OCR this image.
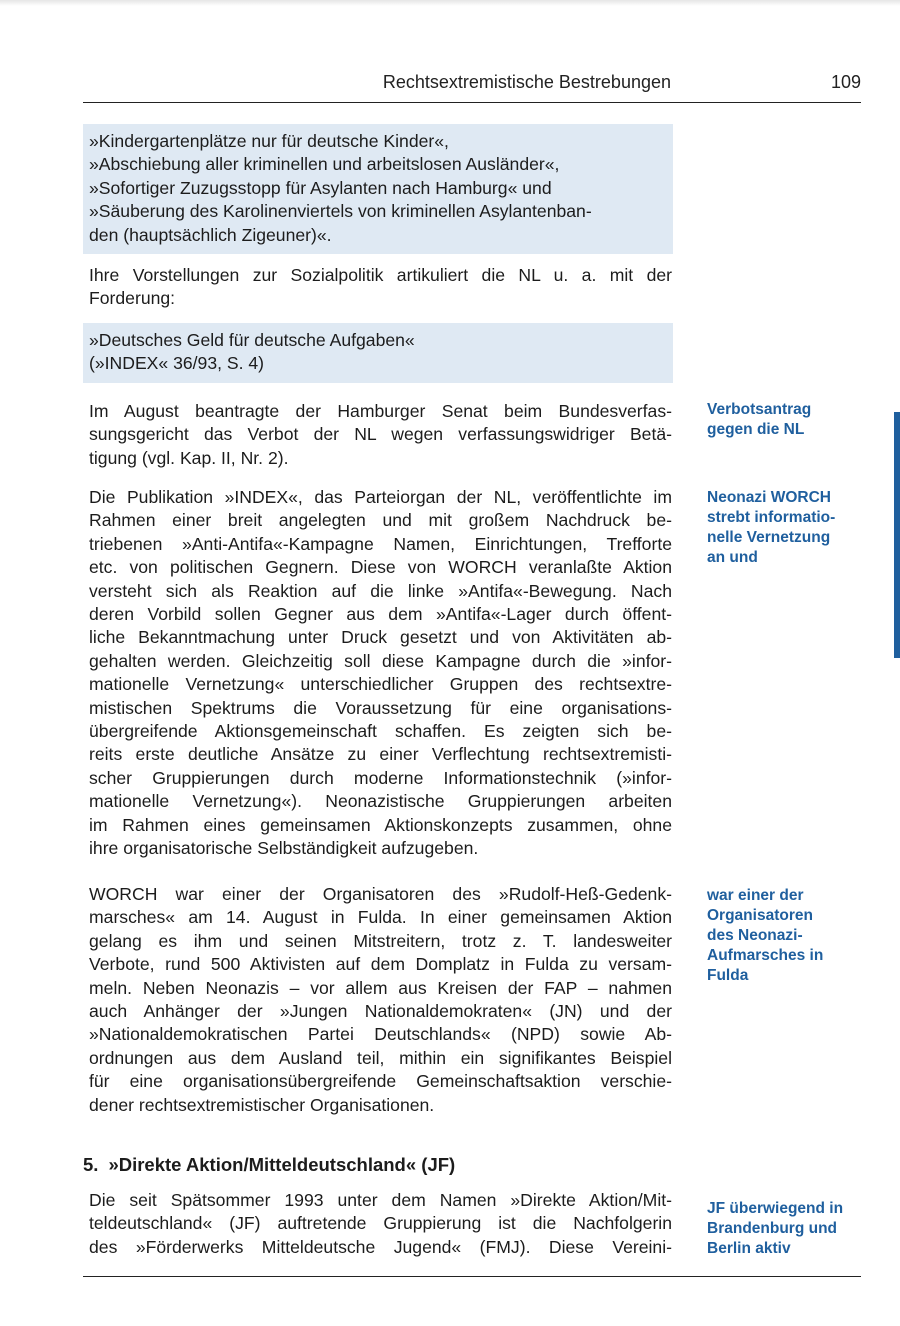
Rechtsextremistische Bestrebungen	109
»Kindergartenplätze nur für deutsche Kinder«,
»Abschiebung aller kriminellen und arbeitslosen Ausländer«,
»Sofortiger Zuzugsstopp für Asylanten nach Hamburg« und
»Säuberung des Karolinenviertels von kriminellen Asylantenban-
den (hauptsächlich Zigeuner)«.
Ihre Vorstellungen zur Sozialpolitik artikuliert die NL u. a. mit der
Forderung:
»Deutsches Geld für deutsche Aufgaben«
(»INDEX« 36/93, S. 4)
Im August beantragte der Hamburger Senat beim Bundesverfas-
sungsgericht das Verbot der NL wegen verfassungswidriger Betä-
tigung (vgl. Kap. II, Nr. 2).
Die Publikation »INDEX«, das Parteiorgan der NL, veröffentlichte im
Rahmen einer breit angelegten und mit großem Nachdruck be-
triebenen »Anti-Antifa«-Kampagne Namen, Einrichtungen, Trefforte
etc. von politischen Gegnern. Diese von WORCH veranlaßte Aktion
versteht sich als Reaktion auf die linke »Antifa«-Bewegung. Nach
deren Vorbild sollen Gegner aus dem »Antifa«-Lager durch öffent-
liche Bekanntmachung unter Druck gesetzt und von Aktivitäten ab-
gehalten werden. Gleichzeitig soll diese Kampagne durch die »infor-
mationelle Vernetzung« unterschiedlicher Gruppen des rechtsextre-
mistischen Spektrums die Voraussetzung für eine organisations-
übergreifende Aktionsgemeinschaft schaffen. Es zeigten sich be-
reits erste deutliche Ansätze zu einer Verflechtung rechtsextremisti-
scher Gruppierungen durch moderne Informationstechnik (»infor-
mationelle Vernetzung«). Neonazistische Gruppierungen arbeiten
im Rahmen eines gemeinsamen Aktionskonzepts zusammen, ohne
ihre organisatorische Selbständigkeit aufzugeben.
WORCH war einer der Organisatoren des »Rudolf-Heß-Gedenk-
marsches« am 14. August in Fulda. In einer gemeinsamen Aktion
gelang es ihm und seinen Mitstreitern, trotz z. T. landesweiter
Verbote, rund 500 Aktivisten auf dem Domplatz in Fulda zu versam-
meln. Neben Neonazis – vor allem aus Kreisen der FAP – nahmen
auch Anhänger der »Jungen Nationaldemokraten« (JN) und der
»Nationaldemokratischen Partei Deutschlands« (NPD) sowie Ab-
ordnungen aus dem Ausland teil, mithin ein signifikantes Beispiel
für eine organisationsübergreifende Gemeinschaftsaktion verschie-
dener rechtsextremistischer Organisationen.
5. »Direkte Aktion/Mitteldeutschland« (JF)
Die seit Spätsommer 1993 unter dem Namen »Direkte Aktion/Mit-
teldeutschland« (JF) auftretende Gruppierung ist die Nachfolgerin
des »Förderwerks Mitteldeutsche Jugend« (FMJ). Diese Vereini-
Verbotsantrag
gegen die NL
Neonazi WORCH
strebt informatio-
nelle Vernetzung
an und
war einer der
Organisatoren
des Neonazi-
Aufmarsches in
Fulda
JF überwiegend in
Brandenburg und
Berlin aktiv
